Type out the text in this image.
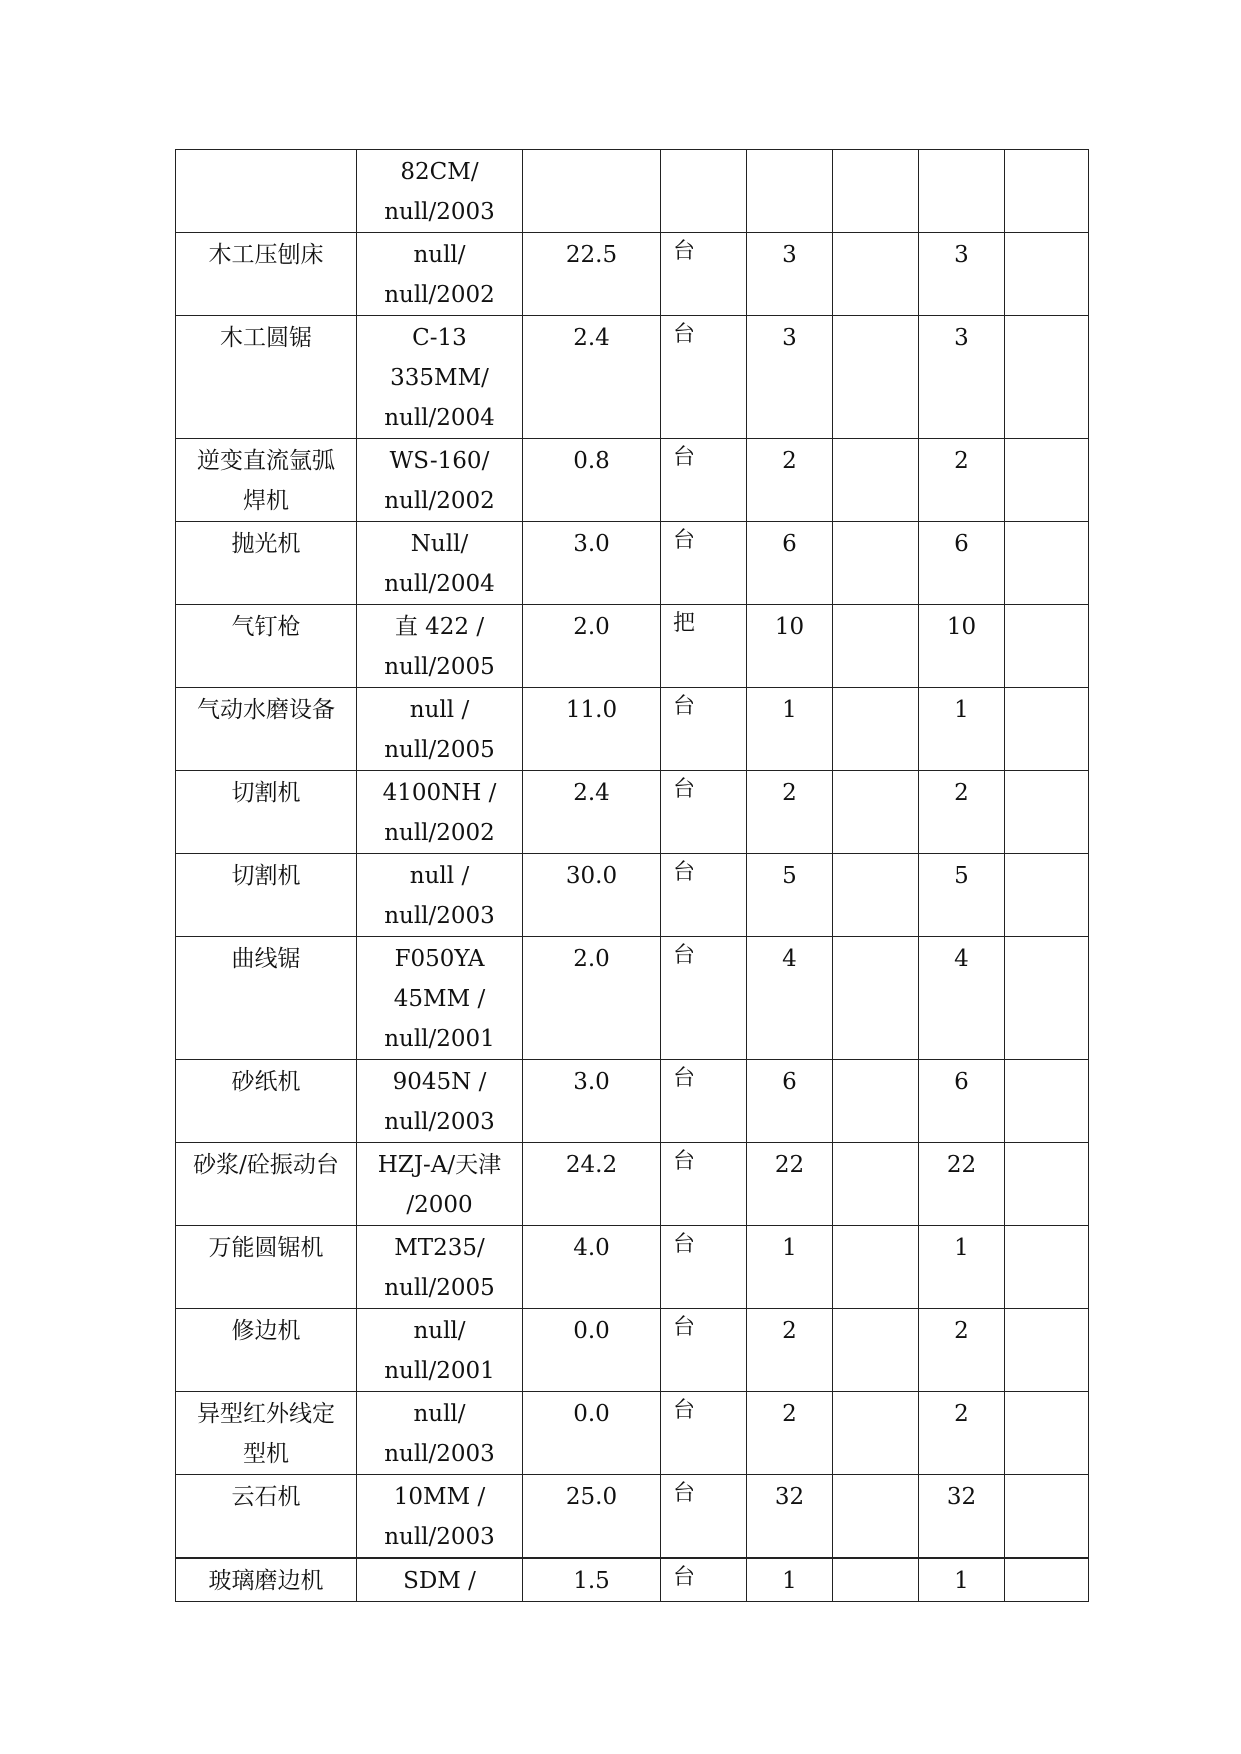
	82CM/
null/2003						

木工压刨床	null/
null/2002	22.5	台	3		3	

木工圆锯	C-13
335MM/
null/2004	2.4	台	3		3	

逆变直流氩弧
焊机	WS-160/
null/2002	0.8	台	2		2	

抛光机	Null/
null/2004	3.0	台	6		6	

气钉枪	直 422 /
null/2005	2.0	把	10		10	

气动水磨设备	null /
null/2005	11.0	台	1		1	

切割机	4100NH /
null/2002	2.4	台	2		2	

切割机	null /
null/2003	30.0	台	5		5	

曲线锯	F050YA
45MM /
null/2001	2.0	台	4		4	

砂纸机	9045N /
null/2003	3.0	台	6		6	

砂浆/砼振动台	HZJ-A/天津
/2000	24.2	台	22		22	

万能圆锯机	MT235/
null/2005	4.0	台	1		1	

修边机	null/
null/2001	0.0	台	2		2	

异型红外线定
型机	null/
null/2003	0.0	台	2		2	

云石机	10MM /
null/2003	25.0	台	32		32	

玻璃磨边机	SDM /	1.5	台	1		1	
